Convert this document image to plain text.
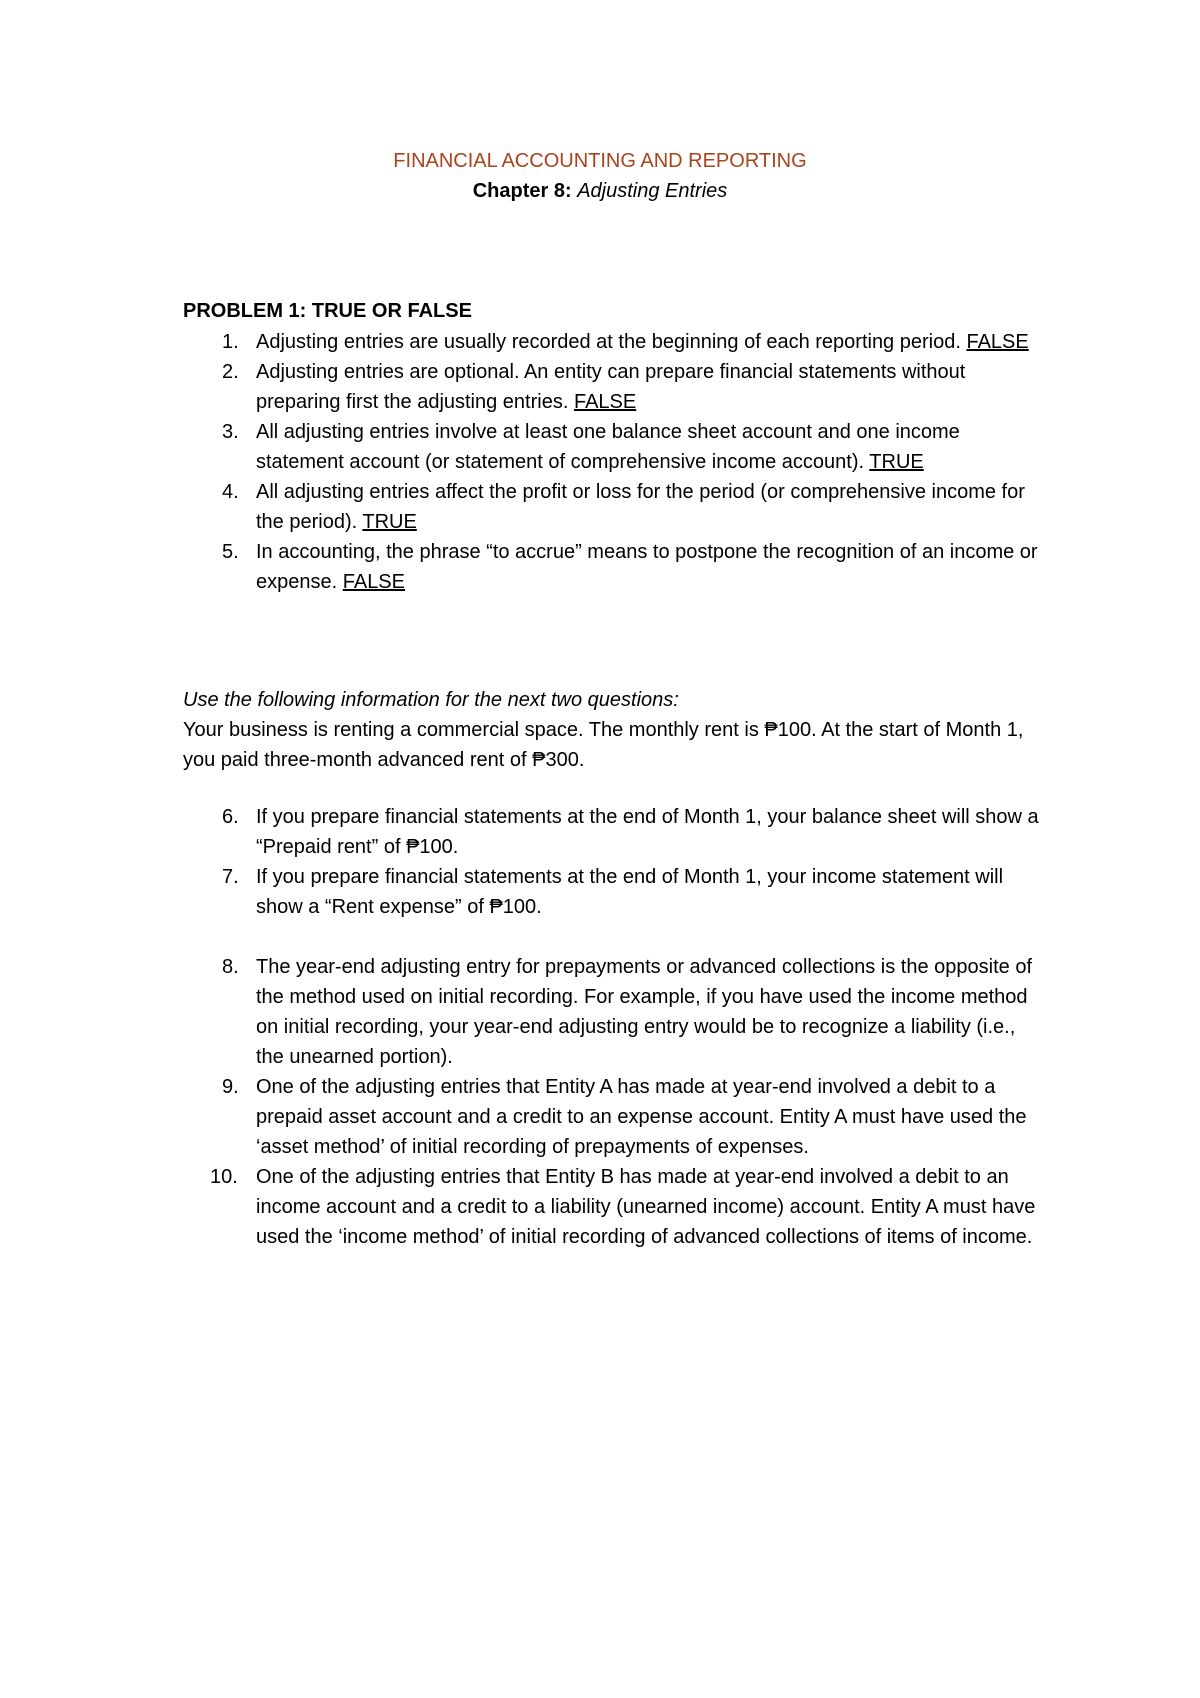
FINANCIAL ACCOUNTING AND REPORTING
Chapter 8: Adjusting Entries
PROBLEM 1: TRUE OR FALSE
1. Adjusting entries are usually recorded at the beginning of each reporting period. FALSE
2. Adjusting entries are optional. An entity can prepare financial statements without preparing first the adjusting entries. FALSE
3. All adjusting entries involve at least one balance sheet account and one income statement account (or statement of comprehensive income account). TRUE
4. All adjusting entries affect the profit or loss for the period (or comprehensive income for the period). TRUE
5. In accounting, the phrase “to accrue” means to postpone the recognition of an income or expense. FALSE
Use the following information for the next two questions:
Your business is renting a commercial space. The monthly rent is ₱100. At the start of Month 1, you paid three-month advanced rent of ₱300.
6. If you prepare financial statements at the end of Month 1, your balance sheet will show a “Prepaid rent” of ₱100.
7. If you prepare financial statements at the end of Month 1, your income statement will show a “Rent expense” of ₱100.
8. The year-end adjusting entry for prepayments or advanced collections is the opposite of the method used on initial recording. For example, if you have used the income method on initial recording, your year-end adjusting entry would be to recognize a liability (i.e., the unearned portion).
9. One of the adjusting entries that Entity A has made at year-end involved a debit to a prepaid asset account and a credit to an expense account. Entity A must have used the ‘asset method’ of initial recording of prepayments of expenses.
10. One of the adjusting entries that Entity B has made at year-end involved a debit to an income account and a credit to a liability (unearned income) account. Entity A must have used the ‘income method’ of initial recording of advanced collections of items of income.
